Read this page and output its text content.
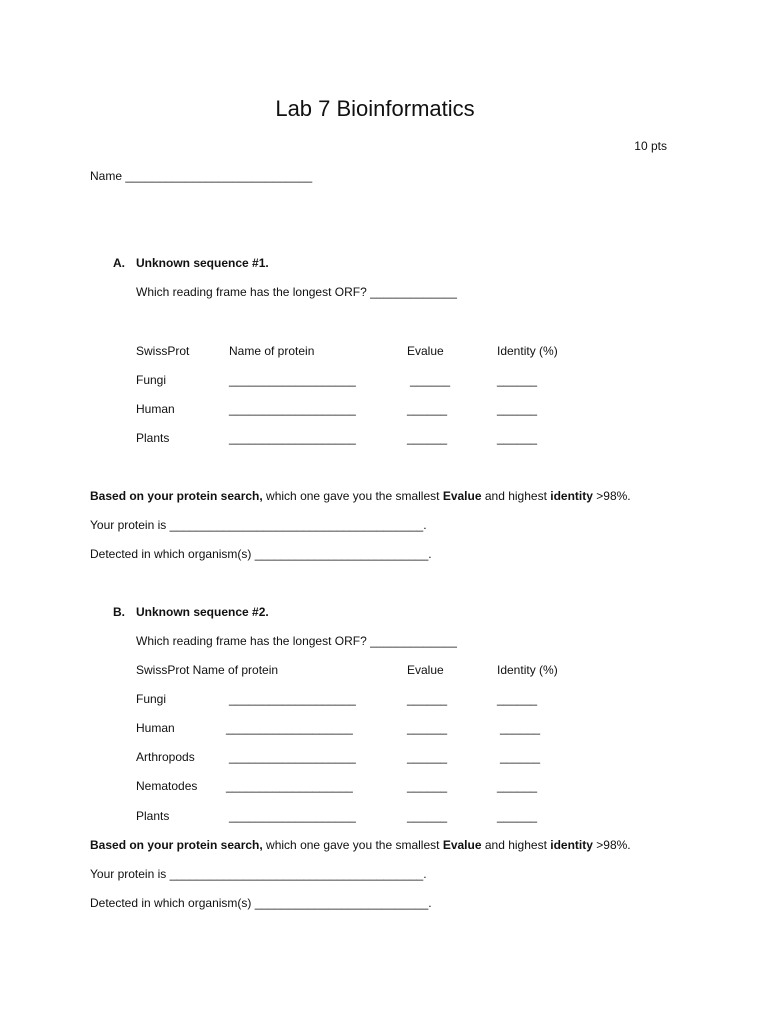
Lab 7 Bioinformatics
10 pts
Name ____________________________
A. Unknown sequence #1.
Which reading frame has the longest ORF? _____________
SwissProt	Name of protein	Evalue	Identity (%)
Fungi	___________________	______	______
Human	___________________	______	______
Plants	___________________	______	______
Based on your protein search, which one gave you the smallest Evalue and highest identity >98%.
Your protein is ______________________________________.
Detected in which organism(s) __________________________.
B. Unknown sequence #2.
Which reading frame has the longest ORF? _____________
SwissProt Name of protein	Evalue	Identity (%)
Fungi	___________________	______	______
Human	___________________	______	______
Arthropods	___________________	______	______
Nematodes ___________________	______	______
Plants	___________________	______	______
Based on your protein search, which one gave you the smallest Evalue and highest identity >98%.
Your protein is ______________________________________.
Detected in which organism(s) __________________________.
